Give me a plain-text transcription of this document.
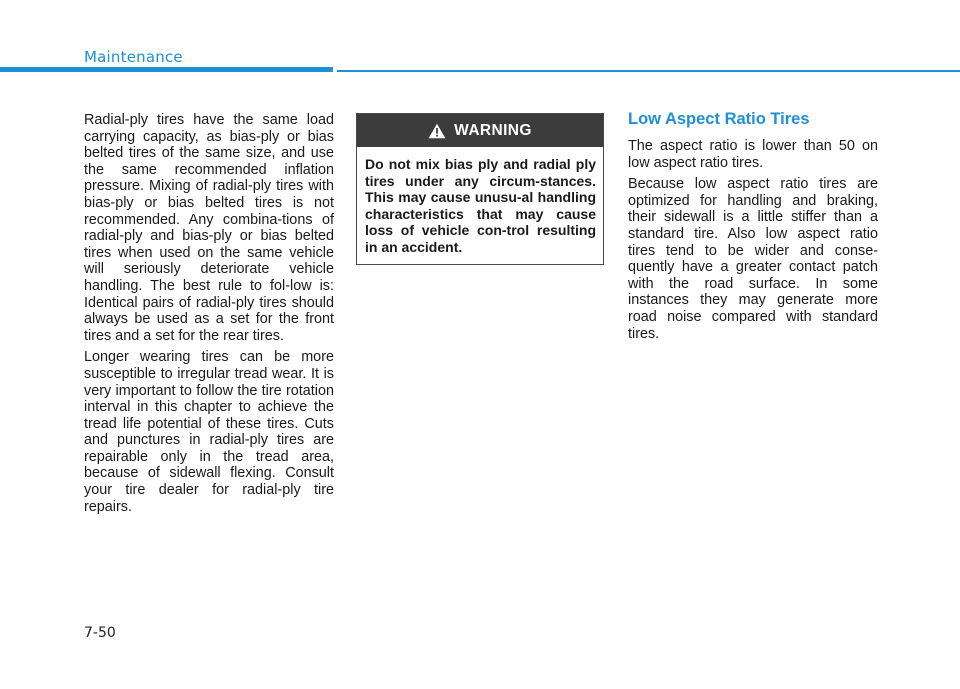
Maintenance

Radial-ply tires have the same load carrying capacity, as bias-ply or bias belted tires of the same size, and use the same recommended inflation pressure. Mixing of radial-ply tires with bias-ply or bias belted tires is not recommended. Any combina-tions of radial-ply and bias-ply or bias belted tires when used on the same vehicle will seriously deteriorate vehicle handling. The best rule to fol-low is: Identical pairs of radial-ply tires should always be used as a set for the front tires and a set for the rear tires.

Longer wearing tires can be more susceptible to irregular tread wear. It is very important to follow the tire rotation interval in this chapter to achieve the tread life potential of these tires. Cuts and punctures in radial-ply tires are repairable only in the tread area, because of sidewall flexing. Consult your tire dealer for radial-ply tire repairs.

WARNING

Do not mix bias ply and radial ply tires under any circum-stances. This may cause unusu-al handling characteristics that may cause loss of vehicle con-trol resulting in an accident.

Low Aspect Ratio Tires

The aspect ratio is lower than 50 on low aspect ratio tires.

Because low aspect ratio tires are optimized for handling and braking, their sidewall is a little stiffer than a standard tire. Also low aspect ratio tires tend to be wider and conse-quently have a greater contact patch with the road surface. In some instances they may generate more road noise compared with standard tires.

7-50
